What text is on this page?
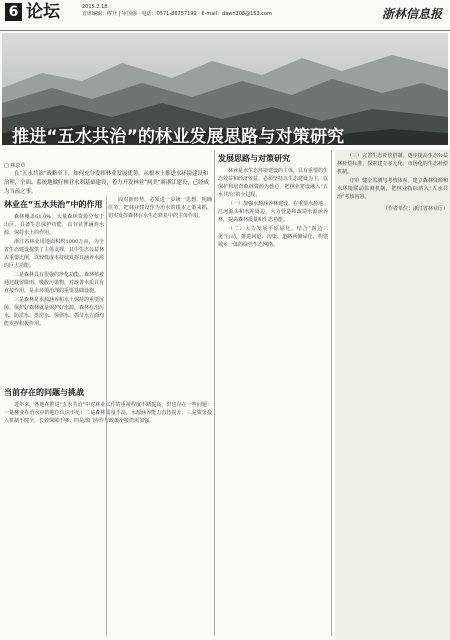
6 论坛	2015.2.18
首席编辑：缪升 | 审国强 · 电话：0571-86757199 · E-mail：dawn308@163.com	浙林信息报
推进“五水共治”的林业发展思路与对策研究
□ 林总草
在“五水共治”战略举下，如何充分发挥林业发展优势，从根本上推进水环境建设和治理，全面、系统地做好林业水利基础建设，着力开发林业“两美”新浙江建设，已经成为当前之事。
林业在“五水共治”中的作用

森林覆盖61.0%，大量森林资源分布于山区，具备生态保护功能，具有显著涵养水源、保持水土的作用。

浙江省林业用地面积约1000万亩，为全省生态建设提供了主体支撑，其中生态公益林占重要比例，以较低成本持续发挥其涵养水源的巨大功能。

二是森林具有很强的净化功能。森林植被通过截留降雨、吸收污染物，对改善水质具有直接作用，是水环境治理的重要基础设施。

三是森林是水源涵养和水土保持的重要屏障。保护好森林就是保护好水源，森林在治污水、防洪水、排涝水、保供水、抓节水方面均能发挥积极作用。

面对新形势，必须进一步统一思想、明确任务，把林业建设作为治水的根本之策来抓，切实发挥森林在水生态修复中的主体作用。

当前存在的问题与挑战

近年来，各地在推进“五水共治”中对林业工作的重视程度不断提高，但也存在一些问题：一是林业在治水中的地位认识不足；二是森林质量不高，水源涵养能力有待提升；三是资金投入机制不健全，长效保障不够；四是部门协作与政策衔接仍需加强。

发展思路与对策研究

林业是水生态环境建设的主体，具有重要的生态效益和经济效益。必须坚持以生态建设为主，以保护和培育森林资源为核心，把林业建设融入“五水共治”的全过程。

（一）加强水源涵养林建设。在重要水源地、江河源头和水库周边，大力营造和改造水源涵养林，提高森林质量和生态功能。

（二）大力发展平原绿化。结合“四边三化”行动，推进河道、沟渠、道路两侧绿化，构建城乡一体的绿色生态网络。

（三）完善生态补偿机制。逐步提高生态公益林补偿标准，探索建立多元化、市场化的生态补偿机制。

（四）健全监测与考核体系。建立森林资源和水环境联动监测机制，把林业指标纳入“五水共治”考核内容。

（作者单位：浙江省林业厅）
